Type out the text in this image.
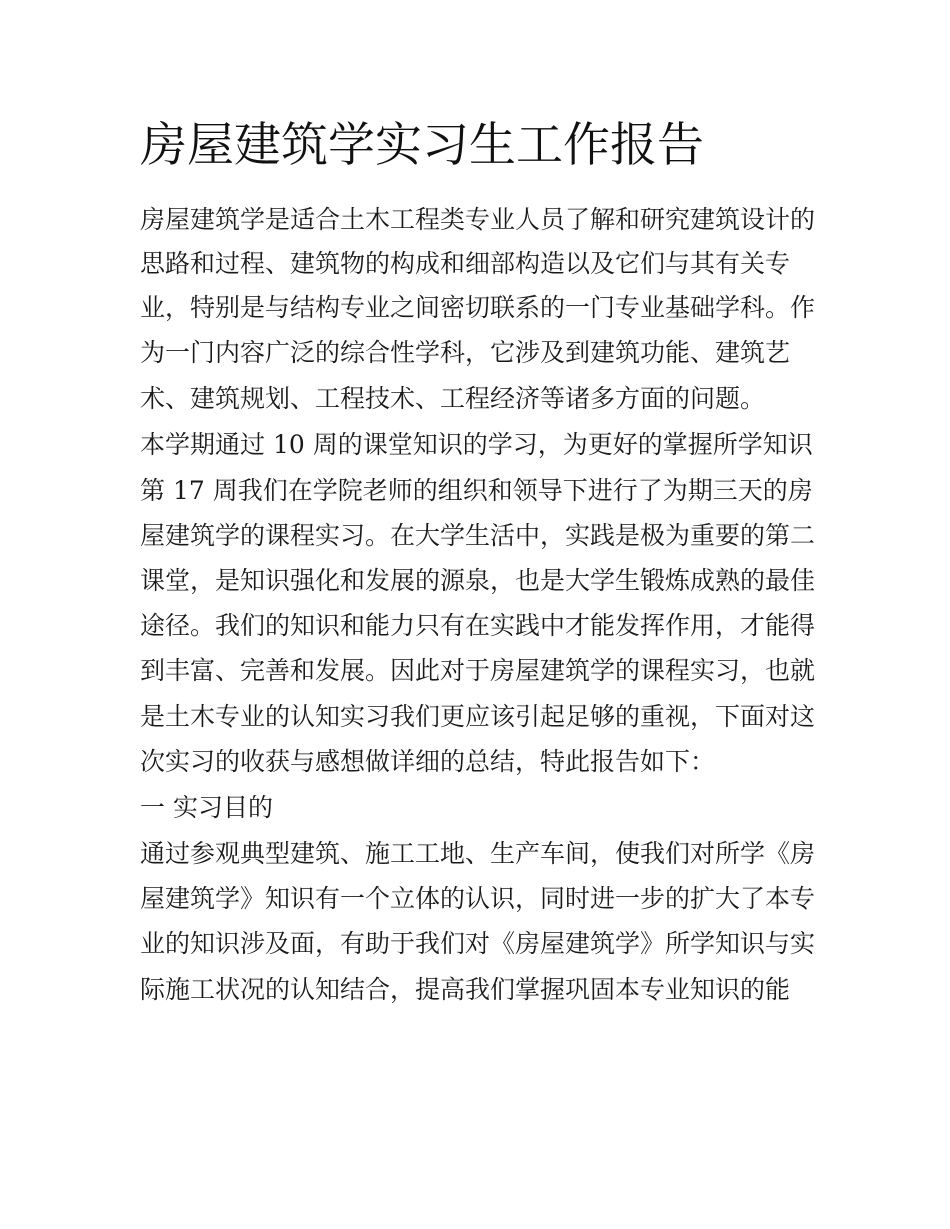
房屋建筑学实习生工作报告

房屋建筑学是适合土木工程类专业人员了解和研究建筑设计的

思路和过程、建筑物的构成和细部构造以及它们与其有关专

业，特别是与结构专业之间密切联系的一门专业基础学科。作

为一门内容广泛的综合性学科，它涉及到建筑功能、建筑艺

术、建筑规划、工程技术、工程经济等诸多方面的问题。

本学期通过 10 周的课堂知识的学习，为更好的掌握所学知识

第 17 周我们在学院老师的组织和领导下进行了为期三天的房

屋建筑学的课程实习。在大学生活中，实践是极为重要的第二

课堂，是知识强化和发展的源泉，也是大学生锻炼成熟的最佳

途径。我们的知识和能力只有在实践中才能发挥作用，才能得

到丰富、完善和发展。因此对于房屋建筑学的课程实习，也就

是土木专业的认知实习我们更应该引起足够的重视，下面对这

次实习的收获与感想做详细的总结，特此报告如下：

一 实习目的

通过参观典型建筑、施工工地、生产车间，使我们对所学《房

屋建筑学》知识有一个立体的认识，同时进一步的扩大了本专

业的知识涉及面，有助于我们对《房屋建筑学》所学知识与实

际施工状况的认知结合，提高我们掌握巩固本专业知识的能
